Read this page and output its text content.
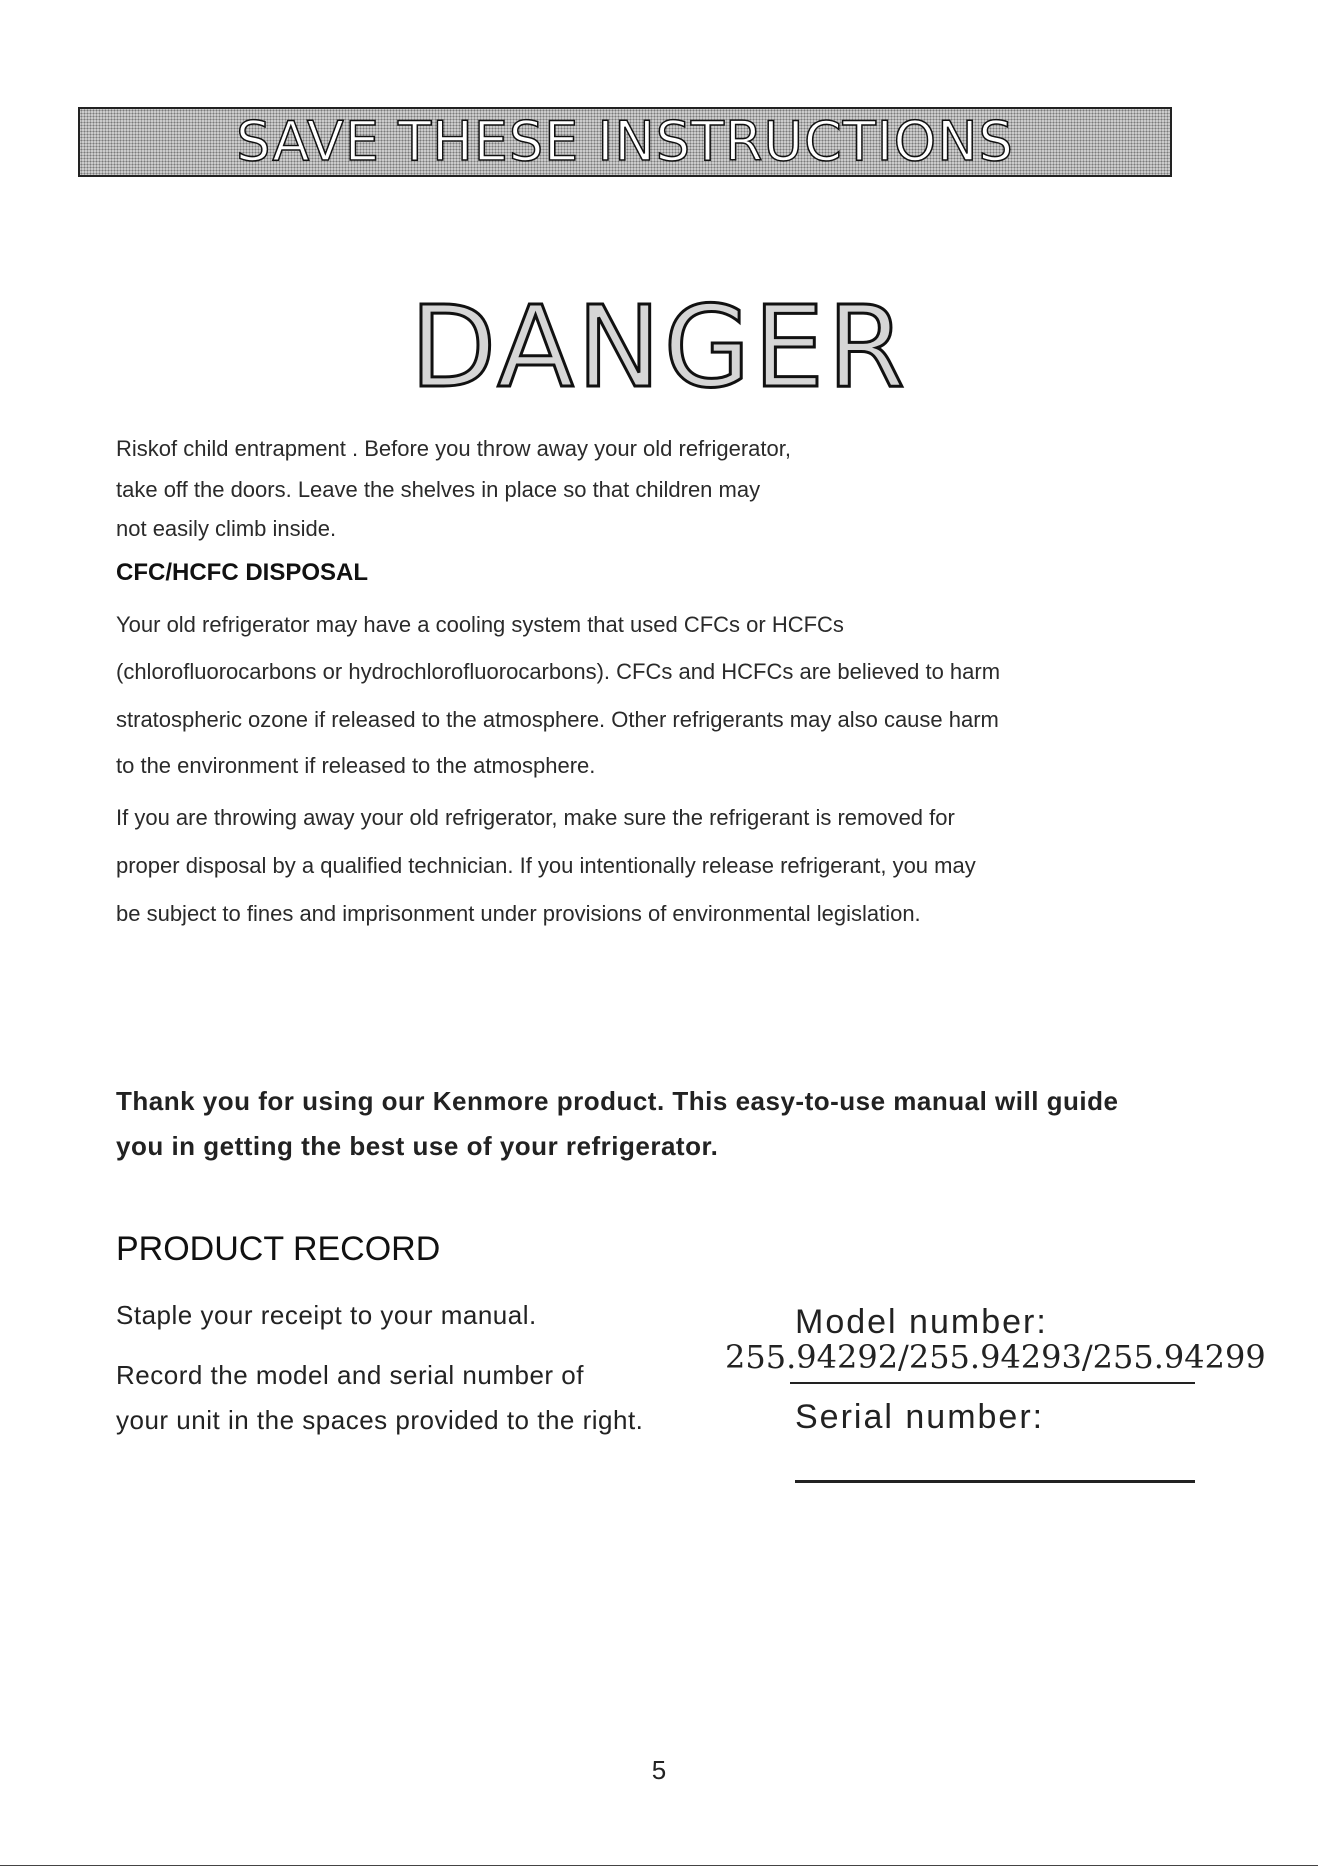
SAVE THESE INSTRUCTIONS
DANGER

Riskof child entrapment . Before you throw away your old refrigerator,

take off the doors. Leave the shelves in place so that children may

not easily climb inside.

CFC/HCFC DISPOSAL

Your old refrigerator may have a cooling system that used CFCs or HCFCs

(chlorofluorocarbons or hydrochlorofluorocarbons). CFCs and HCFCs are believed to harm

stratospheric ozone if released to the atmosphere. Other refrigerants may also cause harm

to the environment if released to the atmosphere.

If you are throwing away your old refrigerator, make sure the refrigerant is removed for

proper disposal by a qualified technician. If you intentionally release refrigerant, you may

be subject to fines and imprisonment under provisions of environmental legislation.

Thank you for using our Kenmore product. This easy-to-use manual will guide

you in getting the best use of your refrigerator.

PRODUCT RECORD

Staple your receipt to your manual.

Record the model and serial number of

your unit in the spaces provided to the right.

Model number:

255.94292/255.94293/255.94299

Serial number:

5
